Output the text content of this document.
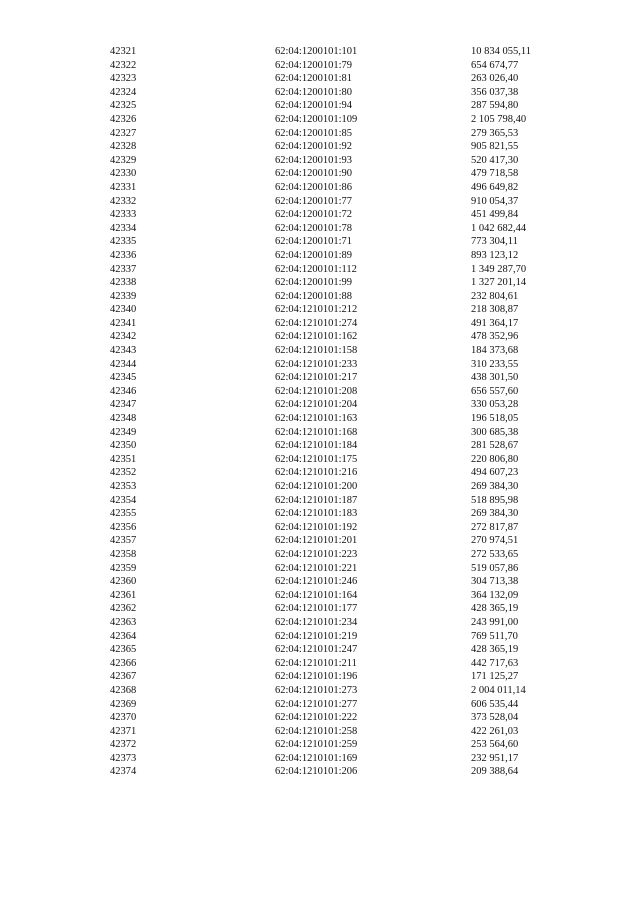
42321	62:04:1200101:101	10 834 055,11
42322	62:04:1200101:79	654 674,77
42323	62:04:1200101:81	263 026,40
42324	62:04:1200101:80	356 037,38
42325	62:04:1200101:94	287 594,80
42326	62:04:1200101:109	2 105 798,40
42327	62:04:1200101:85	279 365,53
42328	62:04:1200101:92	905 821,55
42329	62:04:1200101:93	520 417,30
42330	62:04:1200101:90	479 718,58
42331	62:04:1200101:86	496 649,82
42332	62:04:1200101:77	910 054,37
42333	62:04:1200101:72	451 499,84
42334	62:04:1200101:78	1 042 682,44
42335	62:04:1200101:71	773 304,11
42336	62:04:1200101:89	893 123,12
42337	62:04:1200101:112	1 349 287,70
42338	62:04:1200101:99	1 327 201,14
42339	62:04:1200101:88	232 804,61
42340	62:04:1210101:212	218 308,87
42341	62:04:1210101:274	491 364,17
42342	62:04:1210101:162	478 352,96
42343	62:04:1210101:158	184 373,68
42344	62:04:1210101:233	310 233,55
42345	62:04:1210101:217	438 301,50
42346	62:04:1210101:208	656 557,60
42347	62:04:1210101:204	330 053,28
42348	62:04:1210101:163	196 518,05
42349	62:04:1210101:168	300 685,38
42350	62:04:1210101:184	281 528,67
42351	62:04:1210101:175	220 806,80
42352	62:04:1210101:216	494 607,23
42353	62:04:1210101:200	269 384,30
42354	62:04:1210101:187	518 895,98
42355	62:04:1210101:183	269 384,30
42356	62:04:1210101:192	272 817,87
42357	62:04:1210101:201	270 974,51
42358	62:04:1210101:223	272 533,65
42359	62:04:1210101:221	519 057,86
42360	62:04:1210101:246	304 713,38
42361	62:04:1210101:164	364 132,09
42362	62:04:1210101:177	428 365,19
42363	62:04:1210101:234	243 991,00
42364	62:04:1210101:219	769 511,70
42365	62:04:1210101:247	428 365,19
42366	62:04:1210101:211	442 717,63
42367	62:04:1210101:196	171 125,27
42368	62:04:1210101:273	2 004 011,14
42369	62:04:1210101:277	606 535,44
42370	62:04:1210101:222	373 528,04
42371	62:04:1210101:258	422 261,03
42372	62:04:1210101:259	253 564,60
42373	62:04:1210101:169	232 951,17
42374	62:04:1210101:206	209 388,64
